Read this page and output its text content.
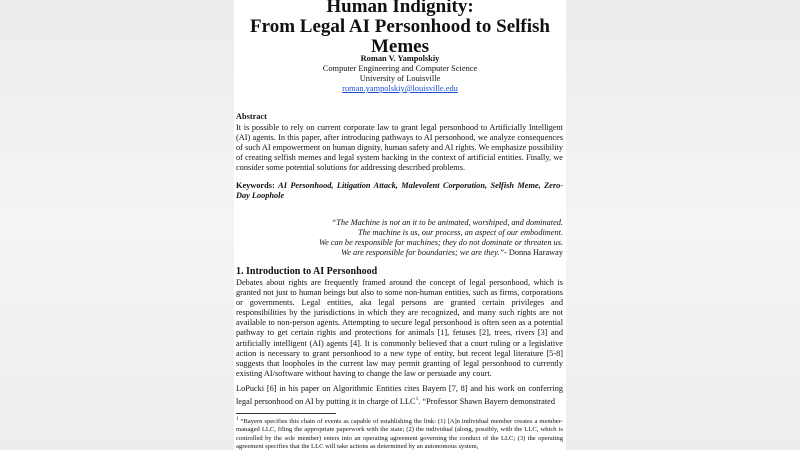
Human Indignity:
From Legal AI Personhood to Selfish Memes
Roman V. Yampolskiy
Computer Engineering and Computer Science
University of Louisville
roman.yampolskiy@louisville.edu
Abstract
It is possible to rely on current corporate law to grant legal personhood to Artificially Intelligent (AI) agents. In this paper, after introducing pathways to AI personhood, we analyze consequences of such AI empowerment on human dignity, human safety and AI rights. We emphasize possibility of creating selfish memes and legal system hacking in the context of artificial entities. Finally, we consider some potential solutions for addressing described problems.
Keywords: AI Personhood, Litigation Attack, Malevolent Corporation, Selfish Meme, Zero-Day Loophole
“The Machine is not an it to be animated, worshiped, and dominated.
The machine is us, our process, an aspect of our embodiment.
We can be responsible for machines; they do not dominate or threaten us.
We are responsible for boundaries; we are they.”- Donna Haraway
1. Introduction to AI Personhood
Debates about rights are frequently framed around the concept of legal personhood, which is granted not just to human beings but also to some non-human entities, such as firms, corporations or governments. Legal entities, aka legal persons are granted certain privileges and responsibilities by the jurisdictions in which they are recognized, and many such rights are not available to non-person agents. Attempting to secure legal personhood is often seen as a potential pathway to get certain rights and protections for animals [1], fetuses [2], trees, rivers [3] and artificially intelligent (AI) agents [4]. It is commonly believed that a court ruling or a legislative action is necessary to grant personhood to a new type of entity, but recent legal literature [5-8] suggests that loopholes in the current law may permit granting of legal personhood to currently existing AI/software without having to change the law or persuade any court.
LoPucki [6] in his paper on Algorithmic Entities cites Bayern [7, 8] and his work on conferring legal personhood on AI by putting it in charge of LLC$^1$. “Professor Shawn Bayern demonstrated
$^1$ “Bayern specifies this chain of events as capable of establishing the link: (1) [A]n individual member creates a member-managed LLC, filing the appropriate paperwork with the state; (2) the individual (along, possibly, with the LLC, which is controlled by the sole member) enters into an operating agreement governing the conduct of the LLC; (3) the operating agreement specifies that the LLC will take actions as determined by an autonomous system,
